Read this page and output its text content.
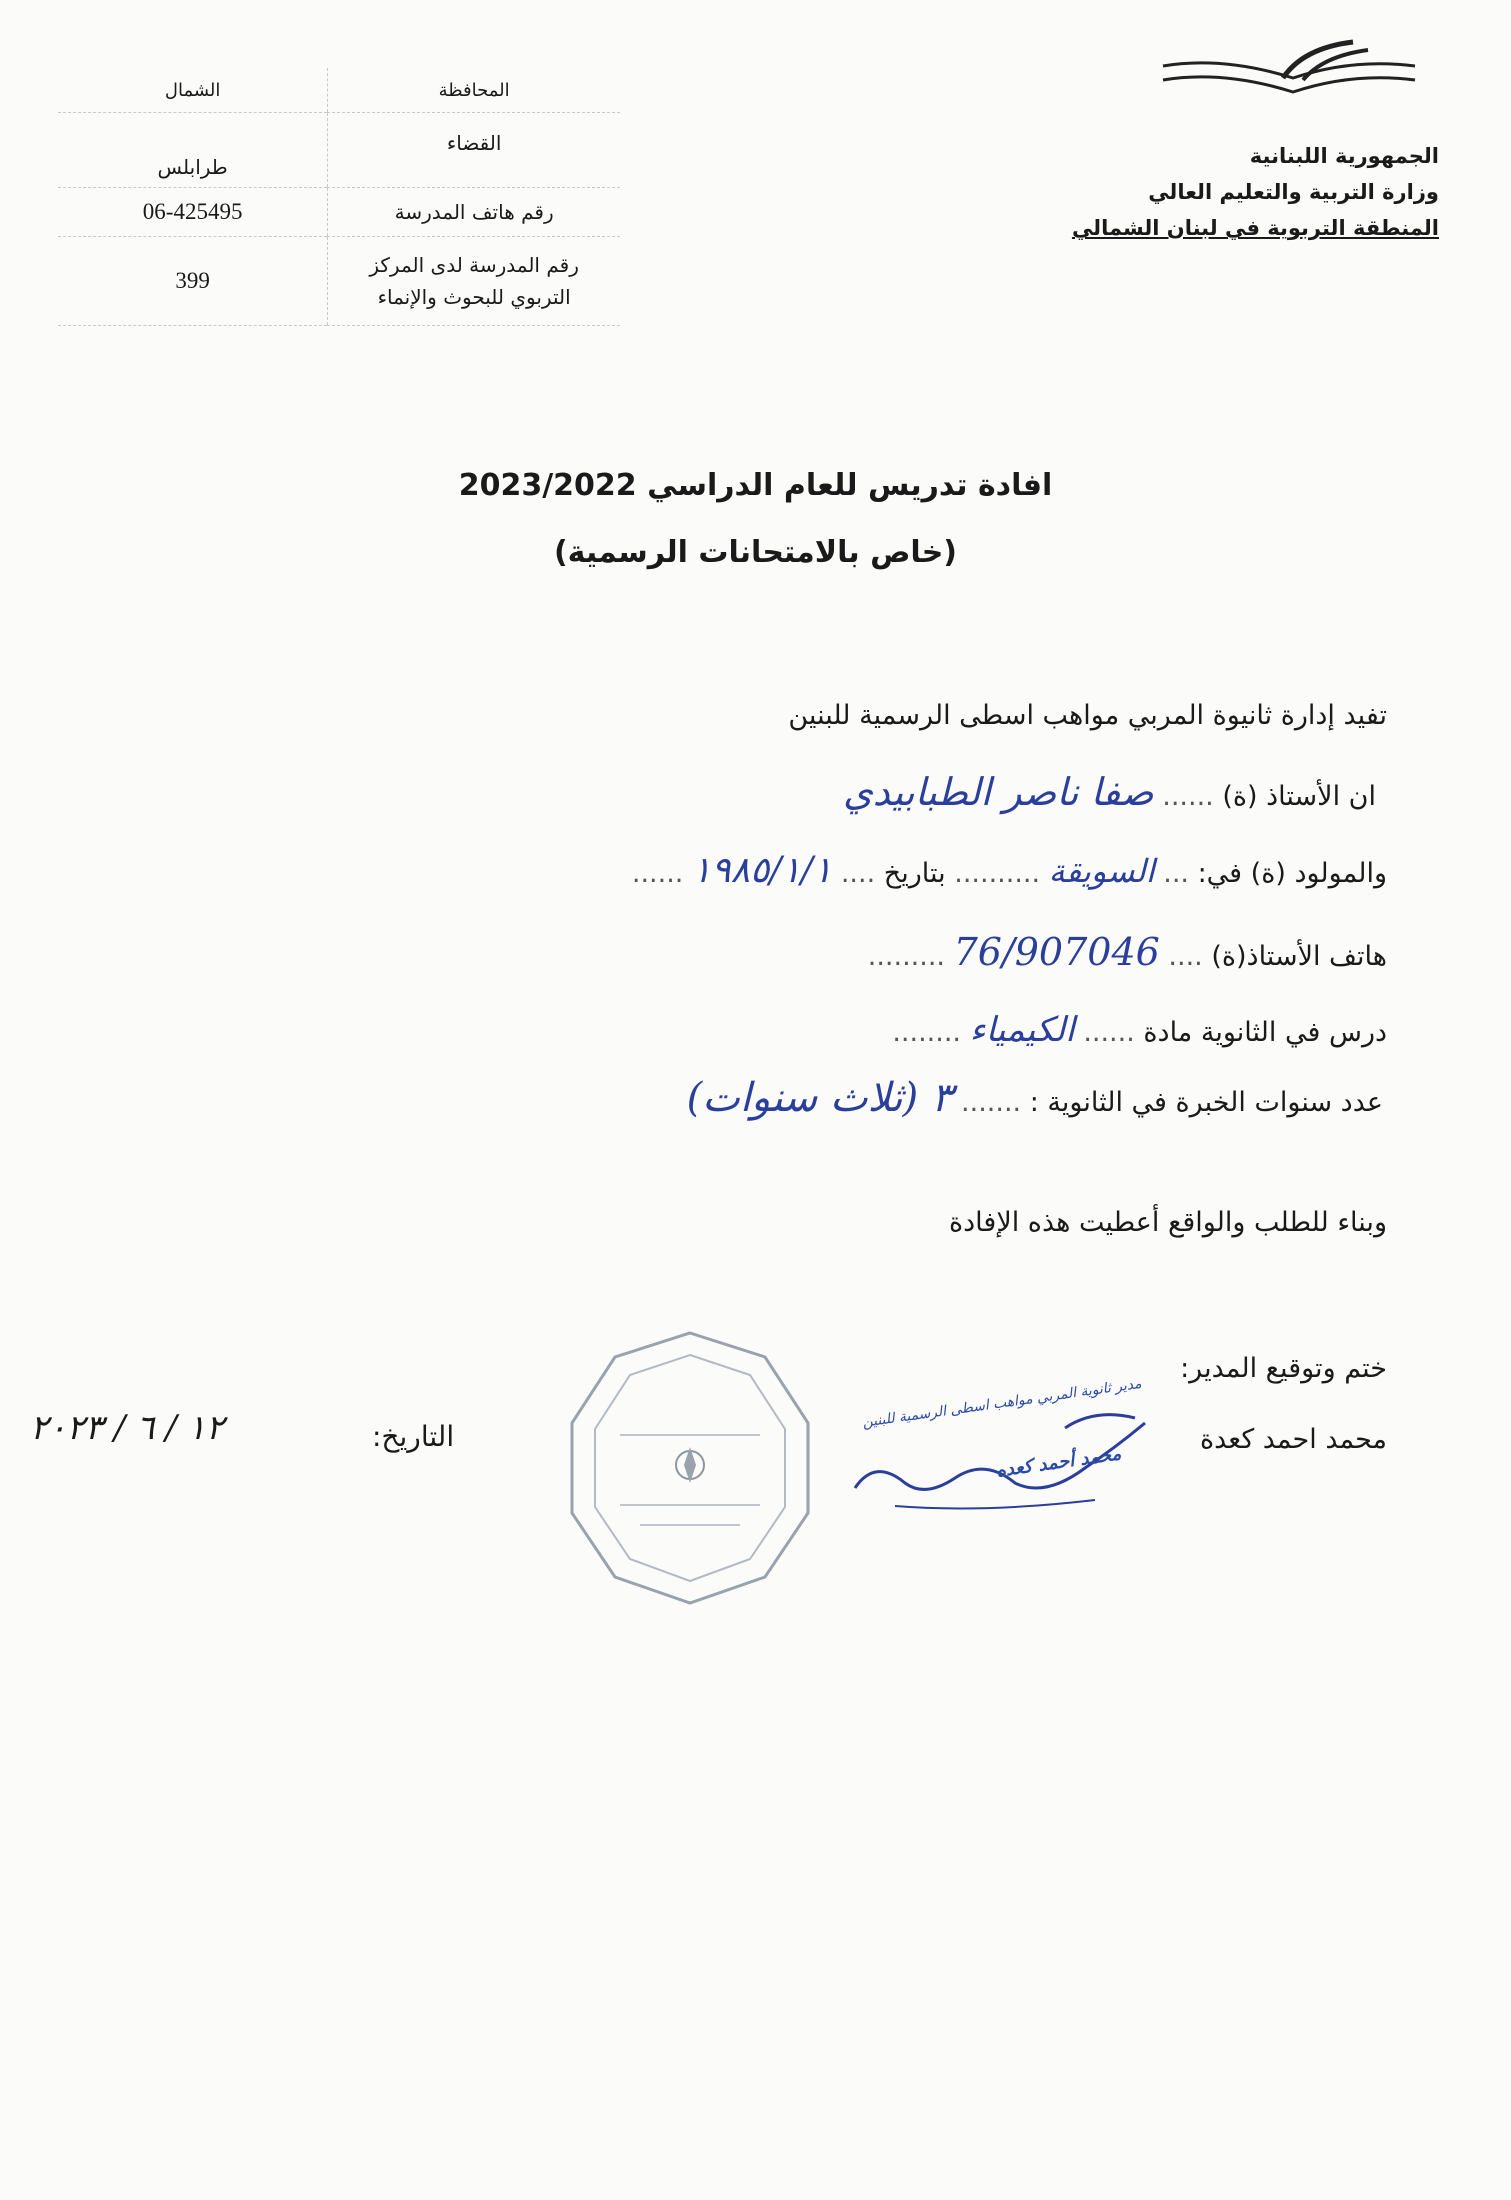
المحافظة	الشمال
القضاء	طرابلس
رقم هاتف المدرسة	06-425495
رقم المدرسة لدى المركز التربوي للبحوث والإنماء	399
الجمهورية اللبنانية
وزارة التربية والتعليم العالي
المنطقة التربوية في لبنان الشمالي
افادة تدريس للعام الدراسي 2023/2022
(خاص بالامتحانات الرسمية)
تفيد إدارة ثانيوة المربي مواهب اسطى الرسمية للبنين
ان الأستاذ (ة) ...... صفا ناصر الطبابيدي
والمولود (ة) في: ... السويقة .......... بتاريخ .... ١٩٨٥/١/١ ......
هاتف الأستاذ(ة) .... 76/907046 .........
درس في الثانوية مادة ...... الكيمياء ........
عدد سنوات الخبرة في الثانوية : ....... ٣ (ثلاث سنوات)
وبناء للطلب والواقع أعطيت هذه الإفادة
ختم وتوقيع المدير:
محمد احمد كعدة
مدير ثانوية المربي مواهب اسطى الرسمية للبنين
محمد أحمد كعده
التاريخ:
١٢ / ٦ / ٢٠٢٣
